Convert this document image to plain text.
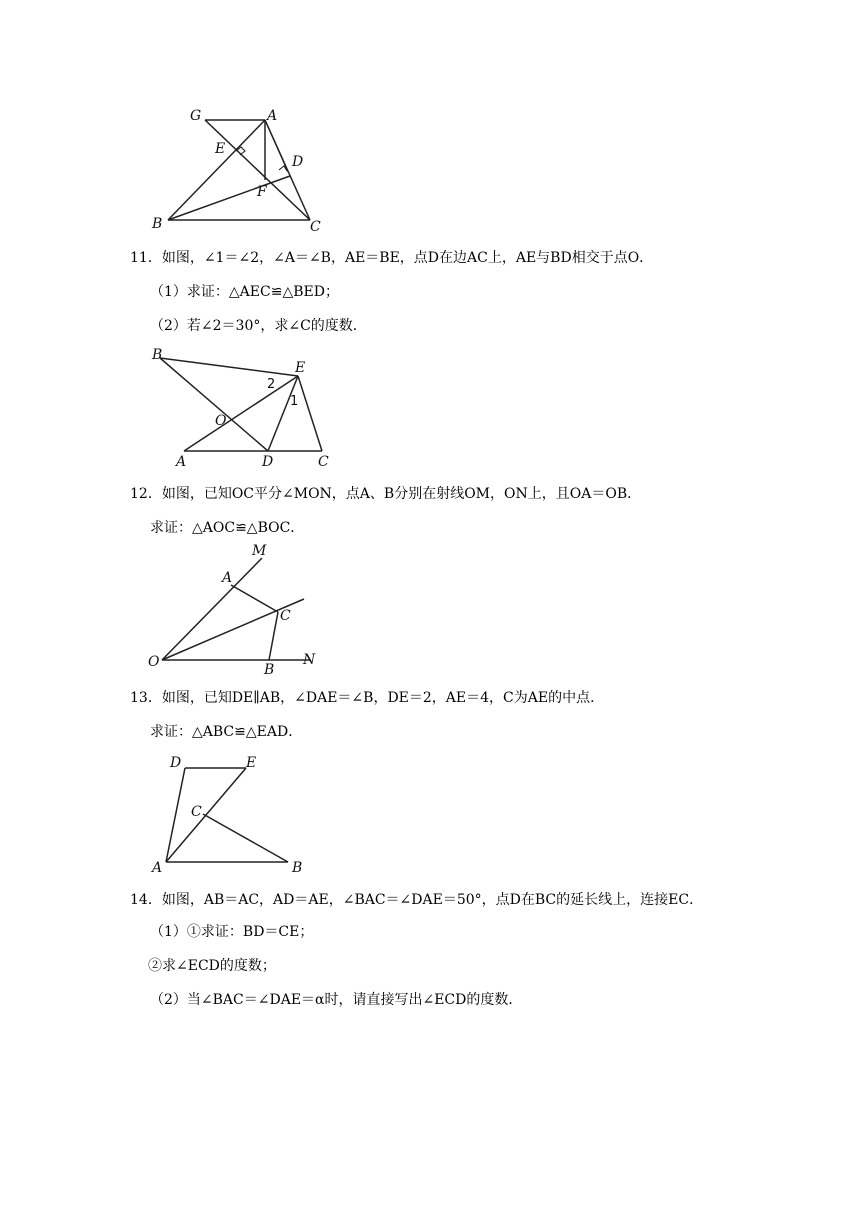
G	A
E
D
F
B	C
11．如图，∠1＝∠2，∠A＝∠B，AE＝BE，点D在边AC上，AE与BD相交于点O．
（1）求证：△AEC≌△BED；
（2）若∠2＝30°，求∠C的度数．
B
E
2
1
O
A	D	C
12．如图，已知OC平分∠MON，点A、B分别在射线OM，ON上，且OA＝OB．
求证：△AOC≌△BOC．
M
A
C
O	B
N
13．如图，已知DE∥AB，∠DAE＝∠B，DE＝2，AE＝4，C为AE的中点．
求证：△ABC≌△EAD．
D	E
C
A	B
14．如图，AB＝AC，AD＝AE，∠BAC＝∠DAE＝50°，点D在BC的延长线上，连接EC．
（1）①求证：BD＝CE；
②求∠ECD的度数；
（2）当∠BAC＝∠DAE＝α时，请直接写出∠ECD的度数．
